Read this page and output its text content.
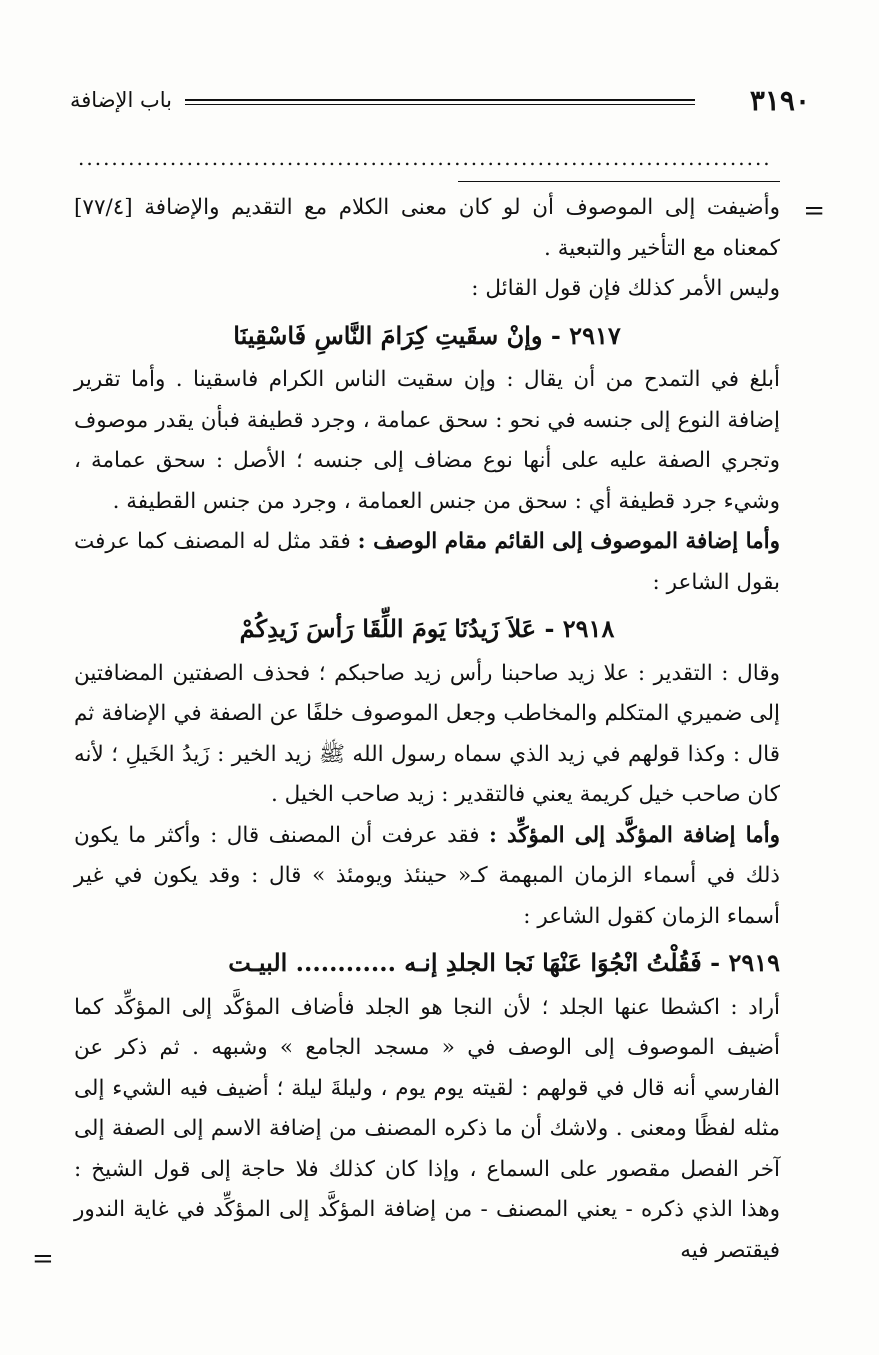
٣١٩٠
باب الإضافة
...................................................................................
=

وأضيفت إلى الموصوف أن لو كان معنى الكلام مع التقديم والإضافة [٧٧/٤] كمعناه مع التأخير والتبعية .

وليس الأمر كذلك فإن قول القائل :

٢٩١٧ - وإنْ سقَيتِ كِرَامَ النَّاسِ فَاسْقِينَا

أبلغ في التمدح من أن يقال : وإن سقيت الناس الكرام فاسقينا . وأما تقرير إضافة النوع إلى جنسه في نحو : سحق عمامة ، وجرد قطيفة فبأن يقدر موصوف وتجري الصفة عليه على أنها نوع مضاف إلى جنسه ؛ الأصل : سحق عمامة ، وشيء جرد قطيفة أي : سحق من جنس العمامة ، وجرد من جنس القطيفة .

وأما إضافة الموصوف إلى القائم مقام الوصف : فقد مثل له المصنف كما عرفت بقول الشاعر :

٢٩١٨ - عَلاَ زَيدُنَا يَومَ اللِّقَا رَأسَ زَيدِكُمْ

وقال : التقدير : علا زيد صاحبنا رأس زيد صاحبكم ؛ فحذف الصفتين المضافتين إلى ضميري المتكلم والمخاطب وجعل الموصوف خلفًا عن الصفة في الإضافة ثم قال : وكذا قولهم في زيد الذي سماه رسول الله ﷺ زيد الخير : زَيدُ الخَيلِ ؛ لأنه كان صاحب خيل كريمة يعني فالتقدير : زيد صاحب الخيل .

وأما إضافة المؤكَّد إلى المؤكِّد : فقد عرفت أن المصنف قال : وأكثر ما يكون ذلك في أسماء الزمان المبهمة كـ« حينئذ ويومئذ » قال : وقد يكون في غير أسماء الزمان كقول الشاعر :

٢٩١٩ - فَقُلْتُ انْجُوَا عَنْهَا نَجا الجلدِ إنـه ............ البيـت

أراد : اكشطا عنها الجلد ؛ لأن النجا هو الجلد فأضاف المؤكَّد إلى المؤكِّد كما أضيف الموصوف إلى الوصف في « مسجد الجامع » وشبهه . ثم ذكر عن الفارسي أنه قال في قولهم : لقيته يوم يوم ، وليلةَ ليلة ؛ أضيف فيه الشيء إلى مثله لفظًا ومعنى . ولاشك أن ما ذكره المصنف من إضافة الاسم إلى الصفة إلى آخر الفصل مقصور على السماع ، وإذا كان كذلك فلا حاجة إلى قول الشيخ : وهذا الذي ذكره - يعني المصنف - من إضافة المؤكَّد إلى المؤكِّد في غاية الندور فيقتصر فيه

=
